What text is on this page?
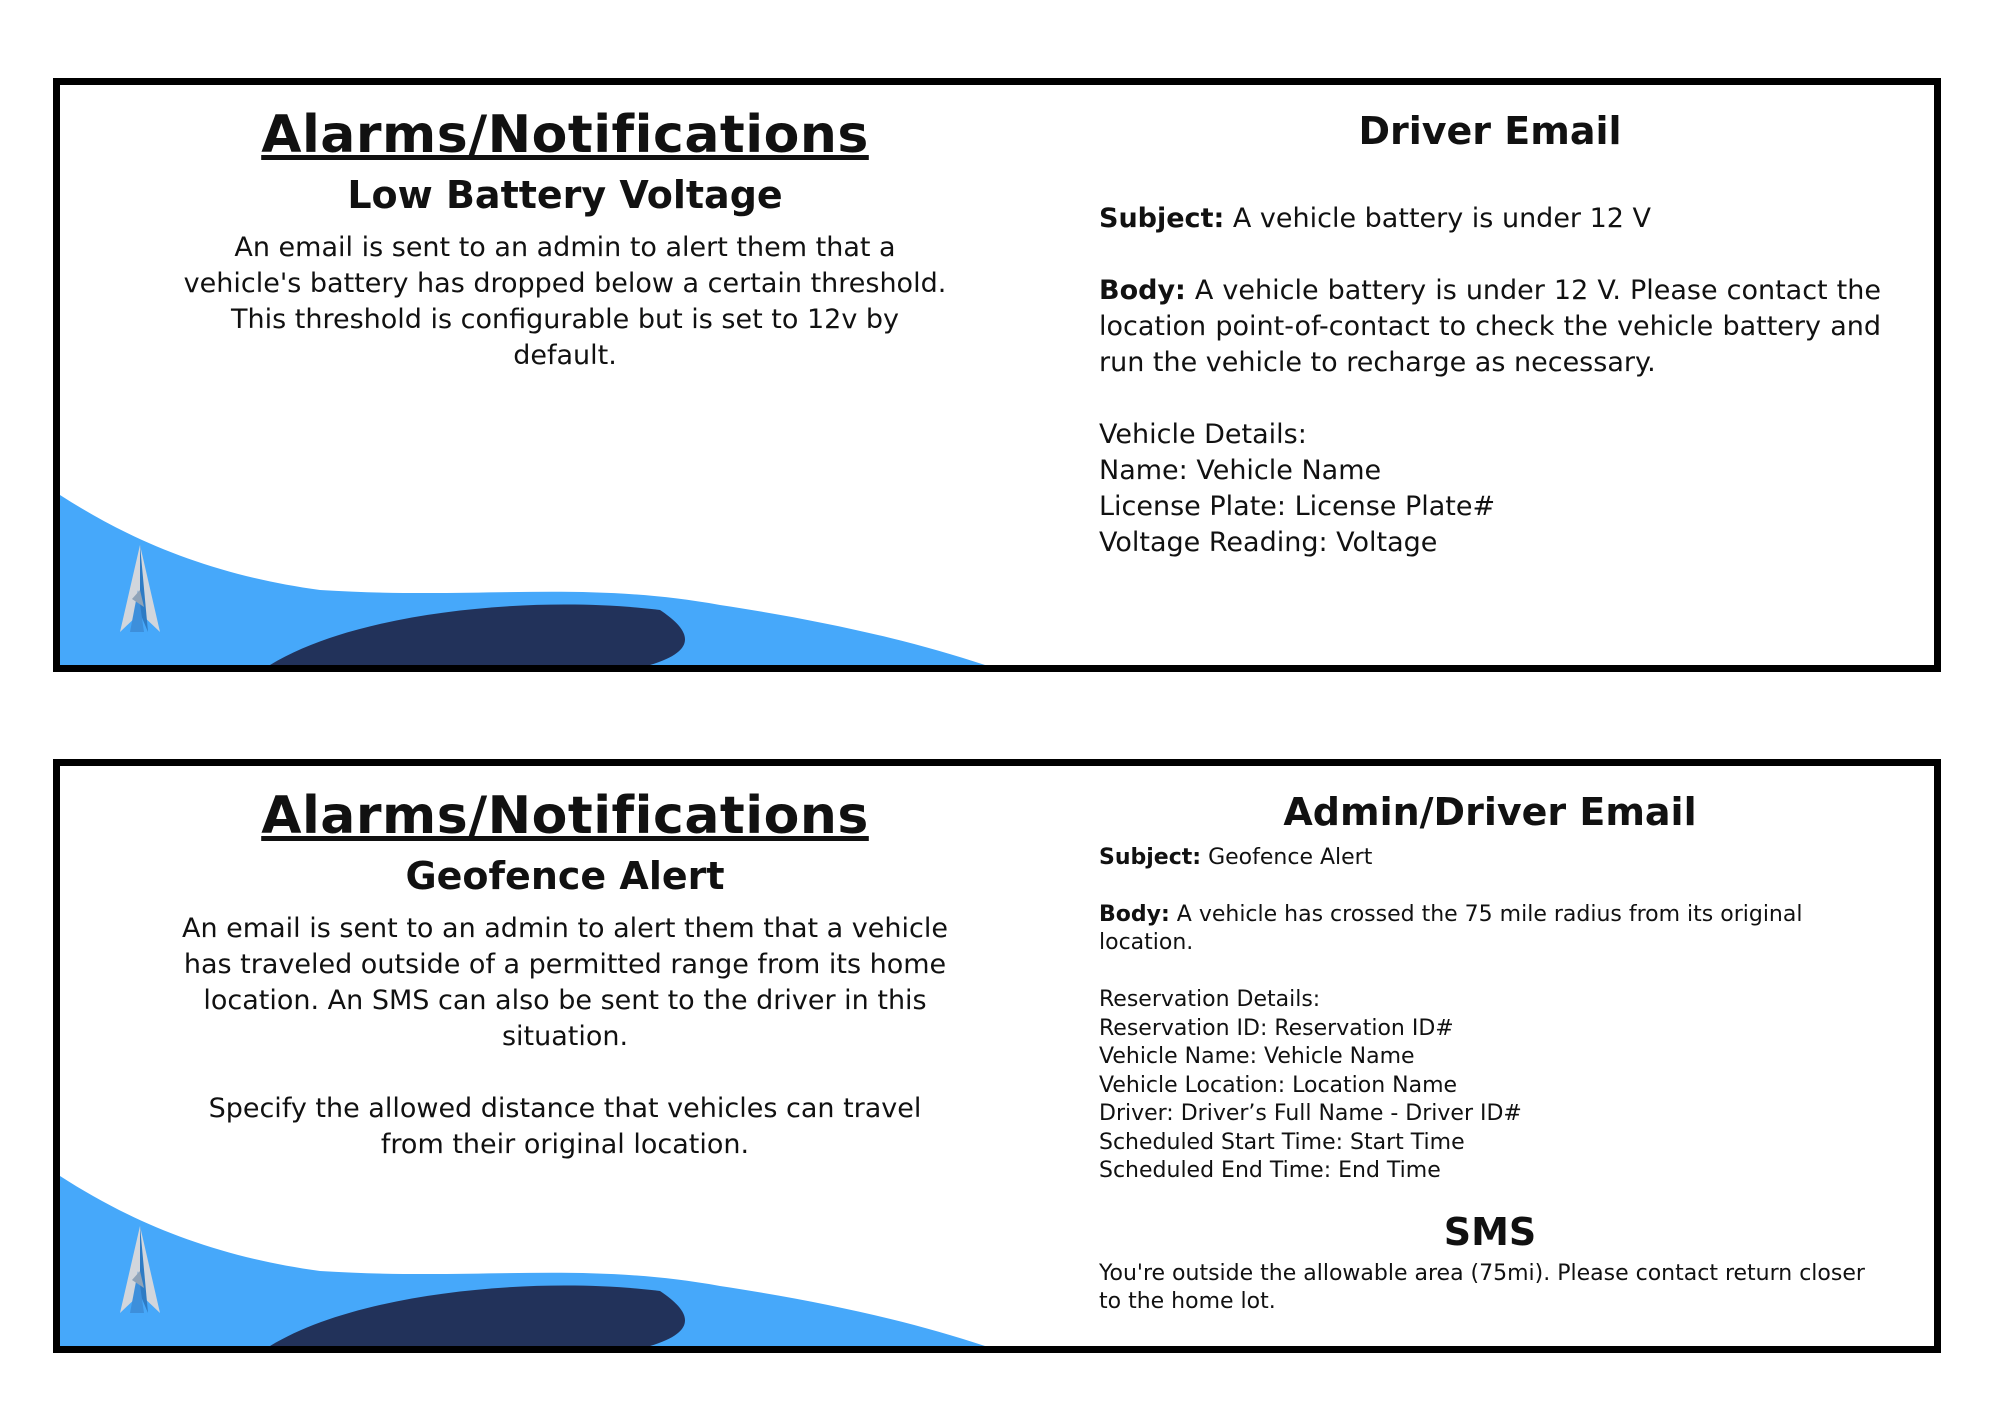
Alarms/Notifications
Low Battery Voltage

An email is sent to an admin to alert them that a vehicle's battery has dropped below a certain threshold. This threshold is configurable but is set to 12v by default.

Driver Email

Subject: A vehicle battery is under 12 V

Body: A vehicle battery is under 12 V. Please contact the location point-of-contact to check the vehicle battery and run the vehicle to recharge as necessary.

Vehicle Details:

Name: Vehicle Name

License Plate: License Plate#

Voltage Reading: Voltage

Alarms/Notifications
Geofence Alert

An email is sent to an admin to alert them that a vehicle has traveled outside of a permitted range from its home location. An SMS can also be sent to the driver in this situation.

Specify the allowed distance that vehicles can travel from their original location.

Admin/Driver Email

Subject: Geofence Alert

Body: A vehicle has crossed the 75 mile radius from its original location.

Reservation Details:

Reservation ID: Reservation ID#

Vehicle Name: Vehicle Name

Vehicle Location: Location Name

Driver: Driver’s Full Name - Driver ID#

Scheduled Start Time: Start Time

Scheduled End Time: End Time

SMS

You're outside the allowable area (75mi). Please contact return closer to the home lot.
